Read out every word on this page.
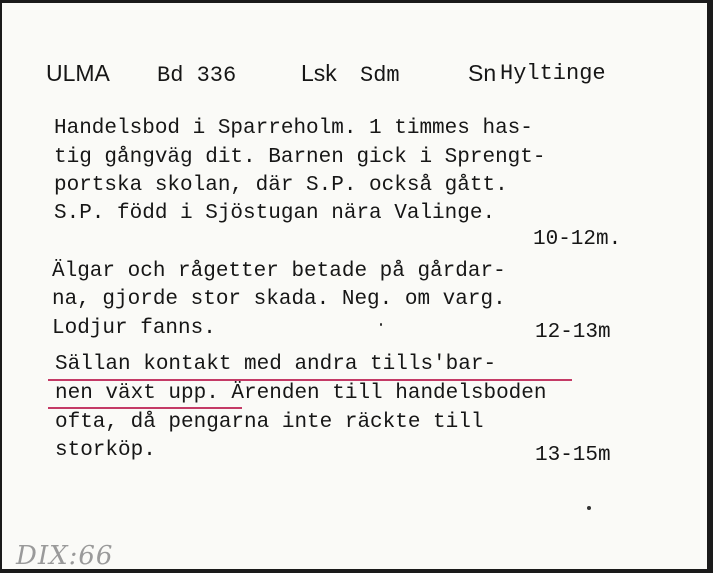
ULMA Bd 336	Lsk Sdm	Sn Hyltinge
Handelsbod i Sparreholm. 1 timmes has-
tig gångväg dit. Barnen gick i Sprengt-
portska skolan, där S.P. också gått.
S.P. född i Sjöstugan nära Valinge.
10-12m.
Älgar och rågetter betade på gårdar-
na, gjorde stor skada. Neg. om varg.
Lodjur fanns.	12-13m
Sällan kontakt med andra tills'bar-
nen växt upp. Ärenden till handelsboden
ofta, då pengarna inte räckte till
storköp.	13-15m
DIX:66
